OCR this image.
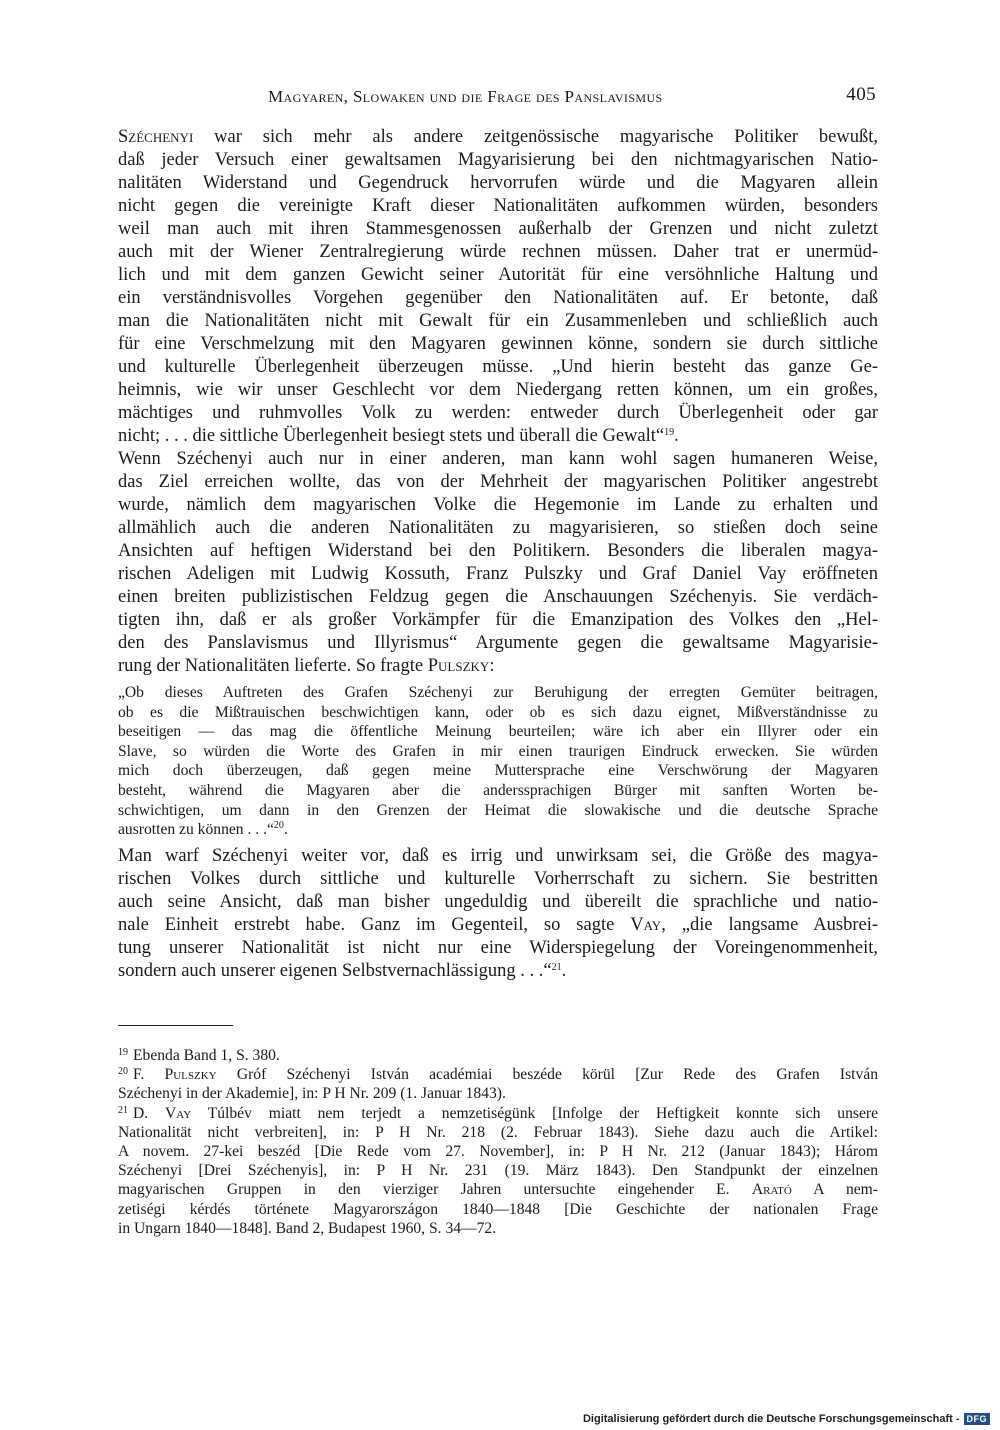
Magyaren, Slowaken und die Frage des Panslavismus	405
Széchenyi war sich mehr als andere zeitgenössische magyarische Politiker bewußt,
daß jeder Versuch einer gewaltsamen Magyarisierung bei den nichtmagyarischen Natio-
nalitäten Widerstand und Gegendruck hervorrufen würde und die Magyaren allein
nicht gegen die vereinigte Kraft dieser Nationalitäten aufkommen würden, besonders
weil man auch mit ihren Stammesgenossen außerhalb der Grenzen und nicht zuletzt
auch mit der Wiener Zentralregierung würde rechnen müssen. Daher trat er unermüd-
lich und mit dem ganzen Gewicht seiner Autorität für eine versöhnliche Haltung und
ein verständnisvolles Vorgehen gegenüber den Nationalitäten auf. Er betonte, daß
man die Nationalitäten nicht mit Gewalt für ein Zusammenleben und schließlich auch
für eine Verschmelzung mit den Magyaren gewinnen könne, sondern sie durch sittliche
und kulturelle Überlegenheit überzeugen müsse. „Und hierin besteht das ganze Ge-
heimnis, wie wir unser Geschlecht vor dem Niedergang retten können, um ein großes,
mächtiges und ruhmvolles Volk zu werden: entweder durch Überlegenheit oder gar
nicht; . . . die sittliche Überlegenheit besiegt stets und überall die Gewalt“$^{19}$.
Wenn Széchenyi auch nur in einer anderen, man kann wohl sagen humaneren Weise,
das Ziel erreichen wollte, das von der Mehrheit der magyarischen Politiker angestrebt
wurde, nämlich dem magyarischen Volke die Hegemonie im Lande zu erhalten und
allmählich auch die anderen Nationalitäten zu magyarisieren, so stießen doch seine
Ansichten auf heftigen Widerstand bei den Politikern. Besonders die liberalen magya-
rischen Adeligen mit Ludwig Kossuth, Franz Pulszky und Graf Daniel Vay eröffneten
einen breiten publizistischen Feldzug gegen die Anschauungen Széchenyis. Sie verdäch-
tigten ihn, daß er als großer Vorkämpfer für die Emanzipation des Volkes den „Hel-
den des Panslavismus und Illyrismus“ Argumente gegen die gewaltsame Magyarisie-
rung der Nationalitäten lieferte. So fragte Pulszky:
„Ob dieses Auftreten des Grafen Széchenyi zur Beruhigung der erregten Gemüter beitragen,
ob es die Mißtrauischen beschwichtigen kann, oder ob es sich dazu eignet, Mißverständnisse zu
beseitigen — das mag die öffentliche Meinung beurteilen; wäre ich aber ein Illyrer oder ein
Slave, so würden die Worte des Grafen in mir einen traurigen Eindruck erwecken. Sie würden
mich doch überzeugen, daß gegen meine Muttersprache eine Verschwörung der Magyaren
besteht, während die Magyaren aber die anderssprachigen Bürger mit sanften Worten be-
schwichtigen, um dann in den Grenzen der Heimat die slowakische und die deutsche Sprache
ausrotten zu können . . .“$^{20}$.
Man warf Széchenyi weiter vor, daß es irrig und unwirksam sei, die Größe des magya-
rischen Volkes durch sittliche und kulturelle Vorherrschaft zu sichern. Sie bestritten
auch seine Ansicht, daß man bisher ungeduldig und übereilt die sprachliche und natio-
nale Einheit erstrebt habe. Ganz im Gegenteil, so sagte Vay, „die langsame Ausbrei-
tung unserer Nationalität ist nicht nur eine Widerspiegelung der Voreingenommenheit,
sondern auch unserer eigenen Selbstvernachlässigung . . .“$^{21}$.
$^{19}$ Ebenda Band 1, S. 380.
$^{20}$ F. Pulszky Gróf Széchenyi István académiai beszéde körül [Zur Rede des Grafen István
Széchenyi in der Akademie], in: P H Nr. 209 (1. Januar 1843).
$^{21}$ D. Vay Túlbév miatt nem terjedt a nemzetiségünk [Infolge der Heftigkeit konnte sich unsere
Nationalität nicht verbreiten], in: P H Nr. 218 (2. Februar 1843). Siehe dazu auch die Artikel:
A novem. 27-kei beszéd [Die Rede vom 27. November], in: P H Nr. 212 (Januar 1843); Három
Széchenyi [Drei Széchenyis], in: P H Nr. 231 (19. März 1843). Den Standpunkt der einzelnen
magyarischen Gruppen in den vierziger Jahren untersuchte eingehender E. Arató A nem-
zetiségi kérdés története Magyarországon 1840—1848 [Die Geschichte der nationalen Frage
in Ungarn 1840—1848]. Band 2, Budapest 1960, S. 34—72.
Digitalisierung gefördert durch die Deutsche Forschungsgemeinschaft - DFG
